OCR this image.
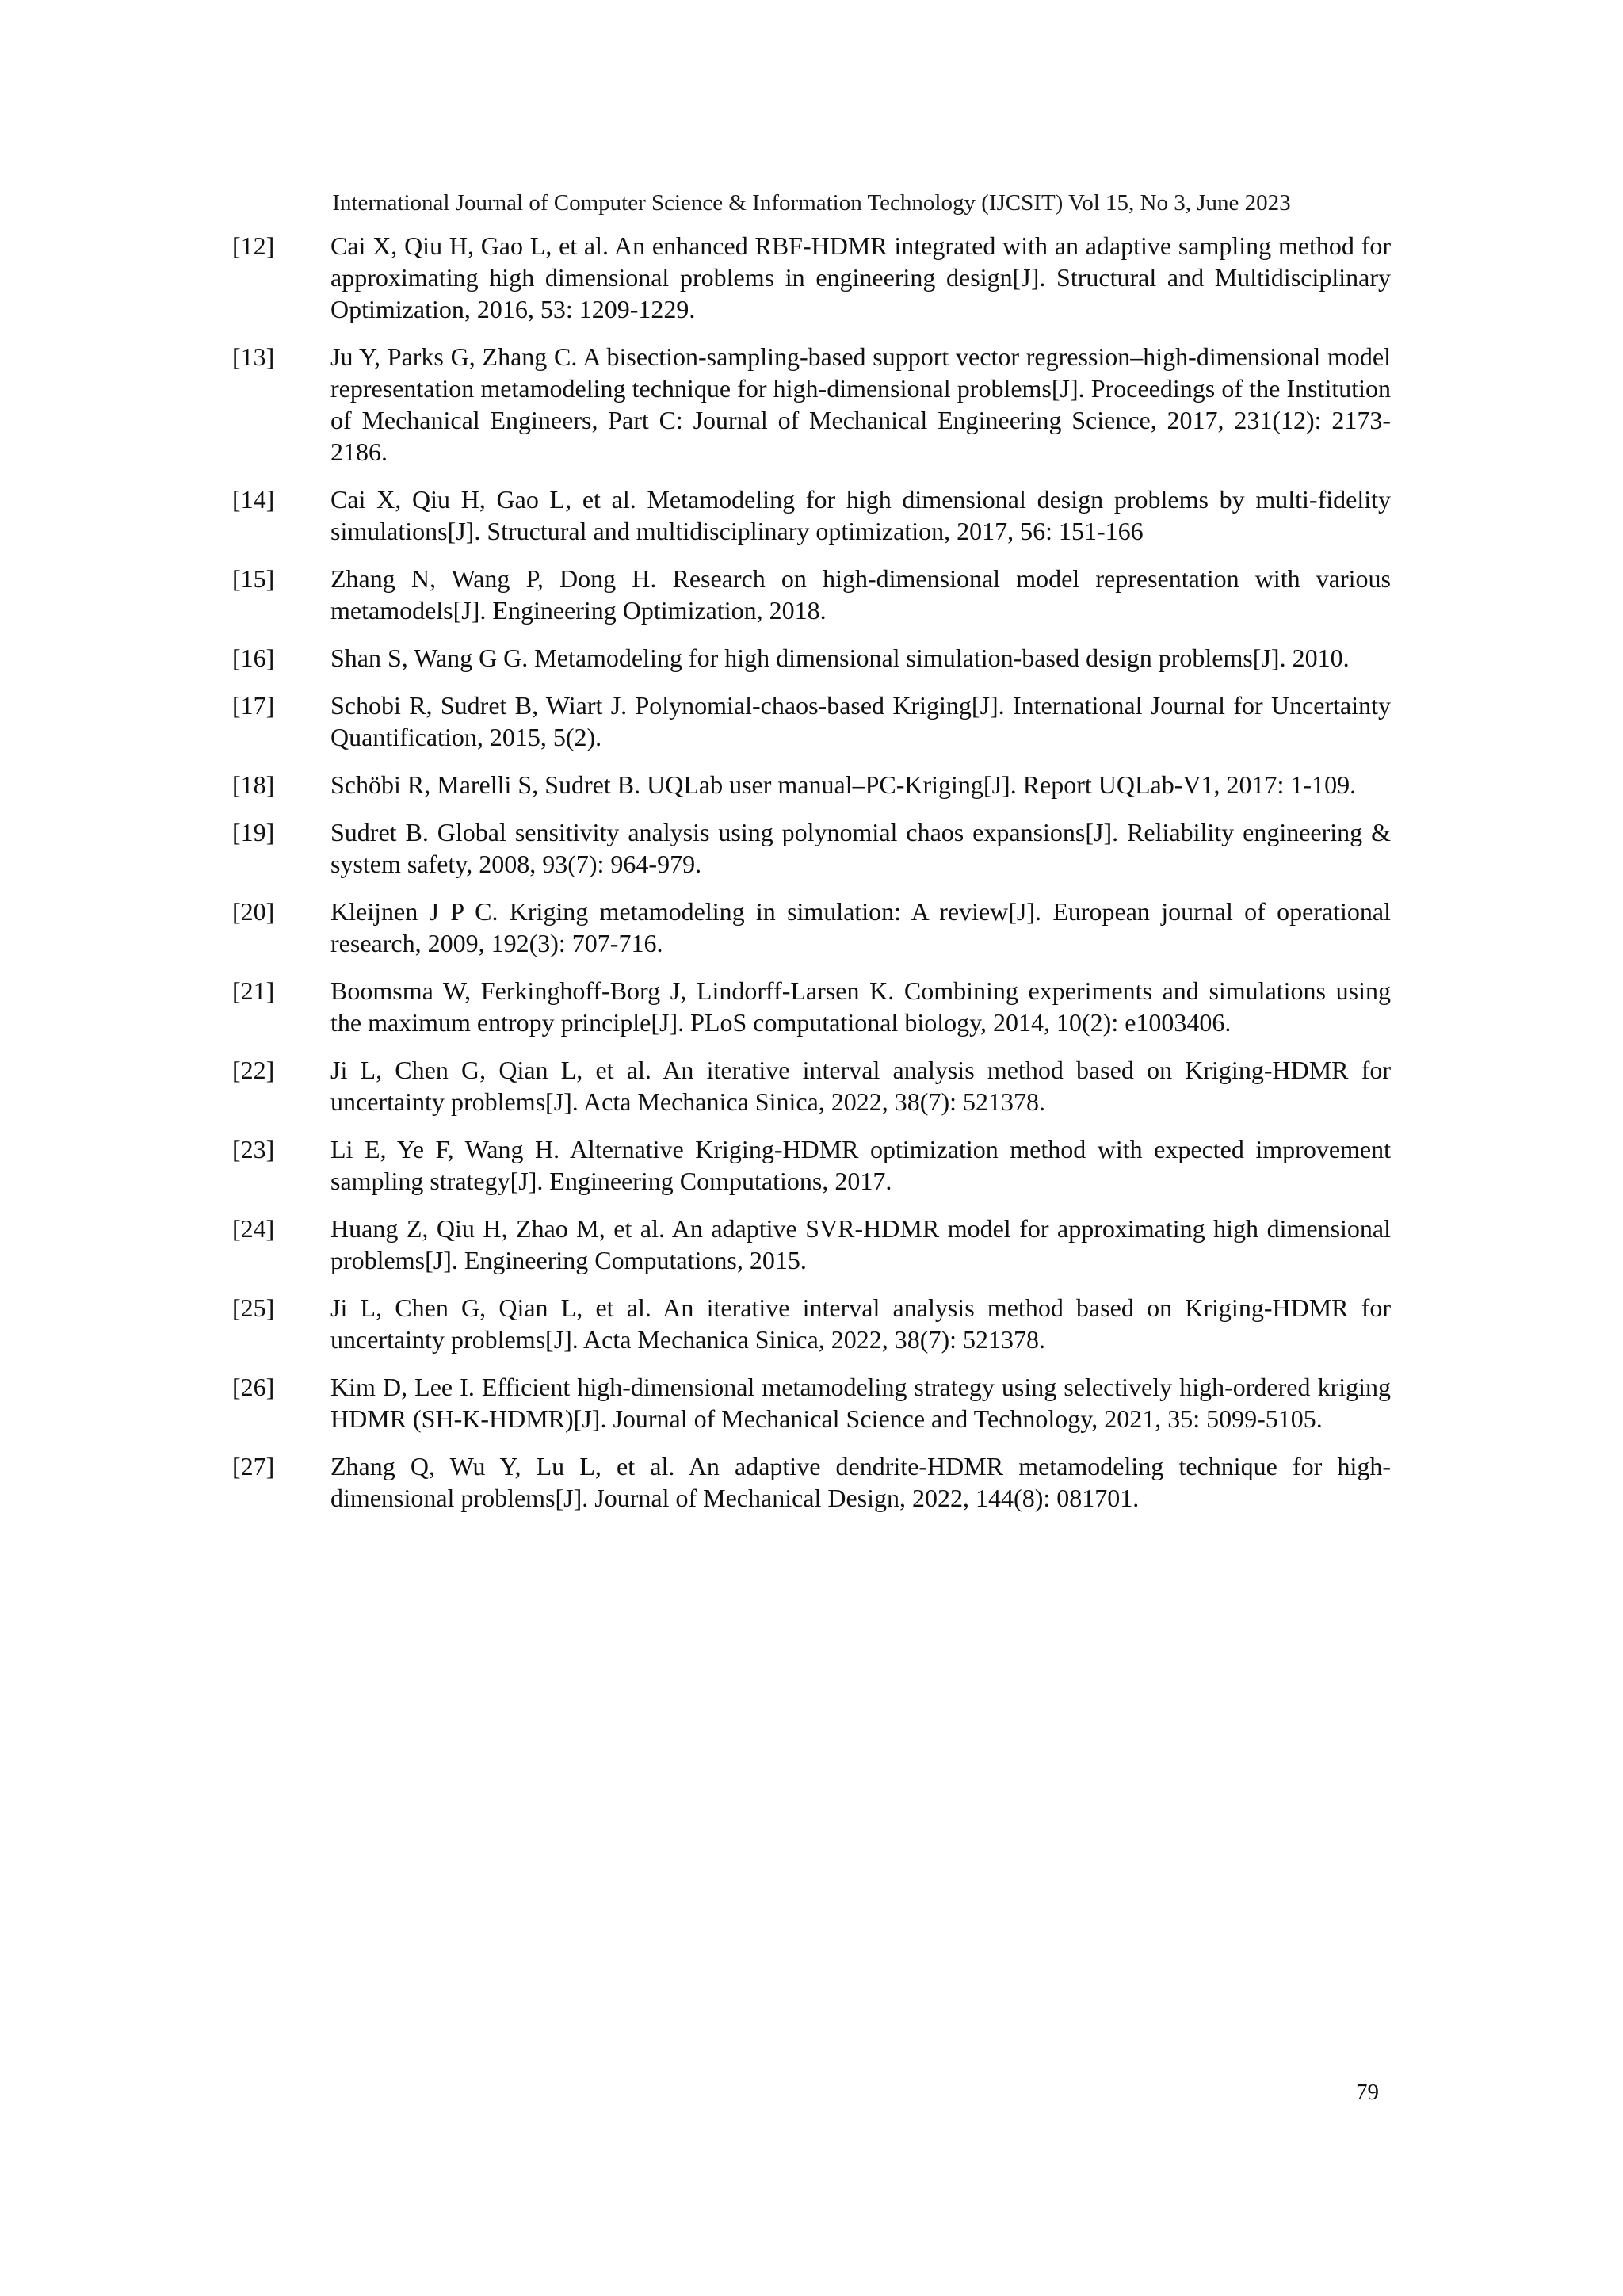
International Journal of Computer Science & Information Technology (IJCSIT) Vol 15, No 3, June 2023
[12]	Cai X, Qiu H, Gao L, et al. An enhanced RBF-HDMR integrated with an adaptive sampling method for approximating high dimensional problems in engineering design[J]. Structural and Multidisciplinary Optimization, 2016, 53: 1209-1229.
[13]	Ju Y, Parks G, Zhang C. A bisection-sampling-based support vector regression–high-dimensional model representation metamodeling technique for high-dimensional problems[J]. Proceedings of the Institution of Mechanical Engineers, Part C: Journal of Mechanical Engineering Science, 2017, 231(12): 2173-2186.
[14]	Cai X, Qiu H, Gao L, et al. Metamodeling for high dimensional design problems by multi-fidelity simulations[J]. Structural and multidisciplinary optimization, 2017, 56: 151-166
[15]	Zhang N, Wang P, Dong H. Research on high-dimensional model representation with various metamodels[J]. Engineering Optimization, 2018.
[16]	Shan S, Wang G G. Metamodeling for high dimensional simulation-based design problems[J]. 2010.
[17]	Schobi R, Sudret B, Wiart J. Polynomial-chaos-based Kriging[J]. International Journal for Uncertainty Quantification, 2015, 5(2).
[18]	Schöbi R, Marelli S, Sudret B. UQLab user manual–PC-Kriging[J]. Report UQLab-V1, 2017: 1-109.
[19]	Sudret B. Global sensitivity analysis using polynomial chaos expansions[J]. Reliability engineering & system safety, 2008, 93(7): 964-979.
[20]	Kleijnen J P C. Kriging metamodeling in simulation: A review[J]. European journal of operational research, 2009, 192(3): 707-716.
[21]	Boomsma W, Ferkinghoff-Borg J, Lindorff-Larsen K. Combining experiments and simulations using the maximum entropy principle[J]. PLoS computational biology, 2014, 10(2): e1003406.
[22]	Ji L, Chen G, Qian L, et al. An iterative interval analysis method based on Kriging-HDMR for uncertainty problems[J]. Acta Mechanica Sinica, 2022, 38(7): 521378.
[23]	Li E, Ye F, Wang H. Alternative Kriging-HDMR optimization method with expected improvement sampling strategy[J]. Engineering Computations, 2017.
[24]	Huang Z, Qiu H, Zhao M, et al. An adaptive SVR-HDMR model for approximating high dimensional problems[J]. Engineering Computations, 2015.
[25]	Ji L, Chen G, Qian L, et al. An iterative interval analysis method based on Kriging-HDMR for uncertainty problems[J]. Acta Mechanica Sinica, 2022, 38(7): 521378.
[26]	Kim D, Lee I. Efficient high-dimensional metamodeling strategy using selectively high-ordered kriging HDMR (SH-K-HDMR)[J]. Journal of Mechanical Science and Technology, 2021, 35: 5099-5105.
[27]	Zhang Q, Wu Y, Lu L, et al. An adaptive dendrite-HDMR metamodeling technique for high-dimensional problems[J]. Journal of Mechanical Design, 2022, 144(8): 081701.
79
